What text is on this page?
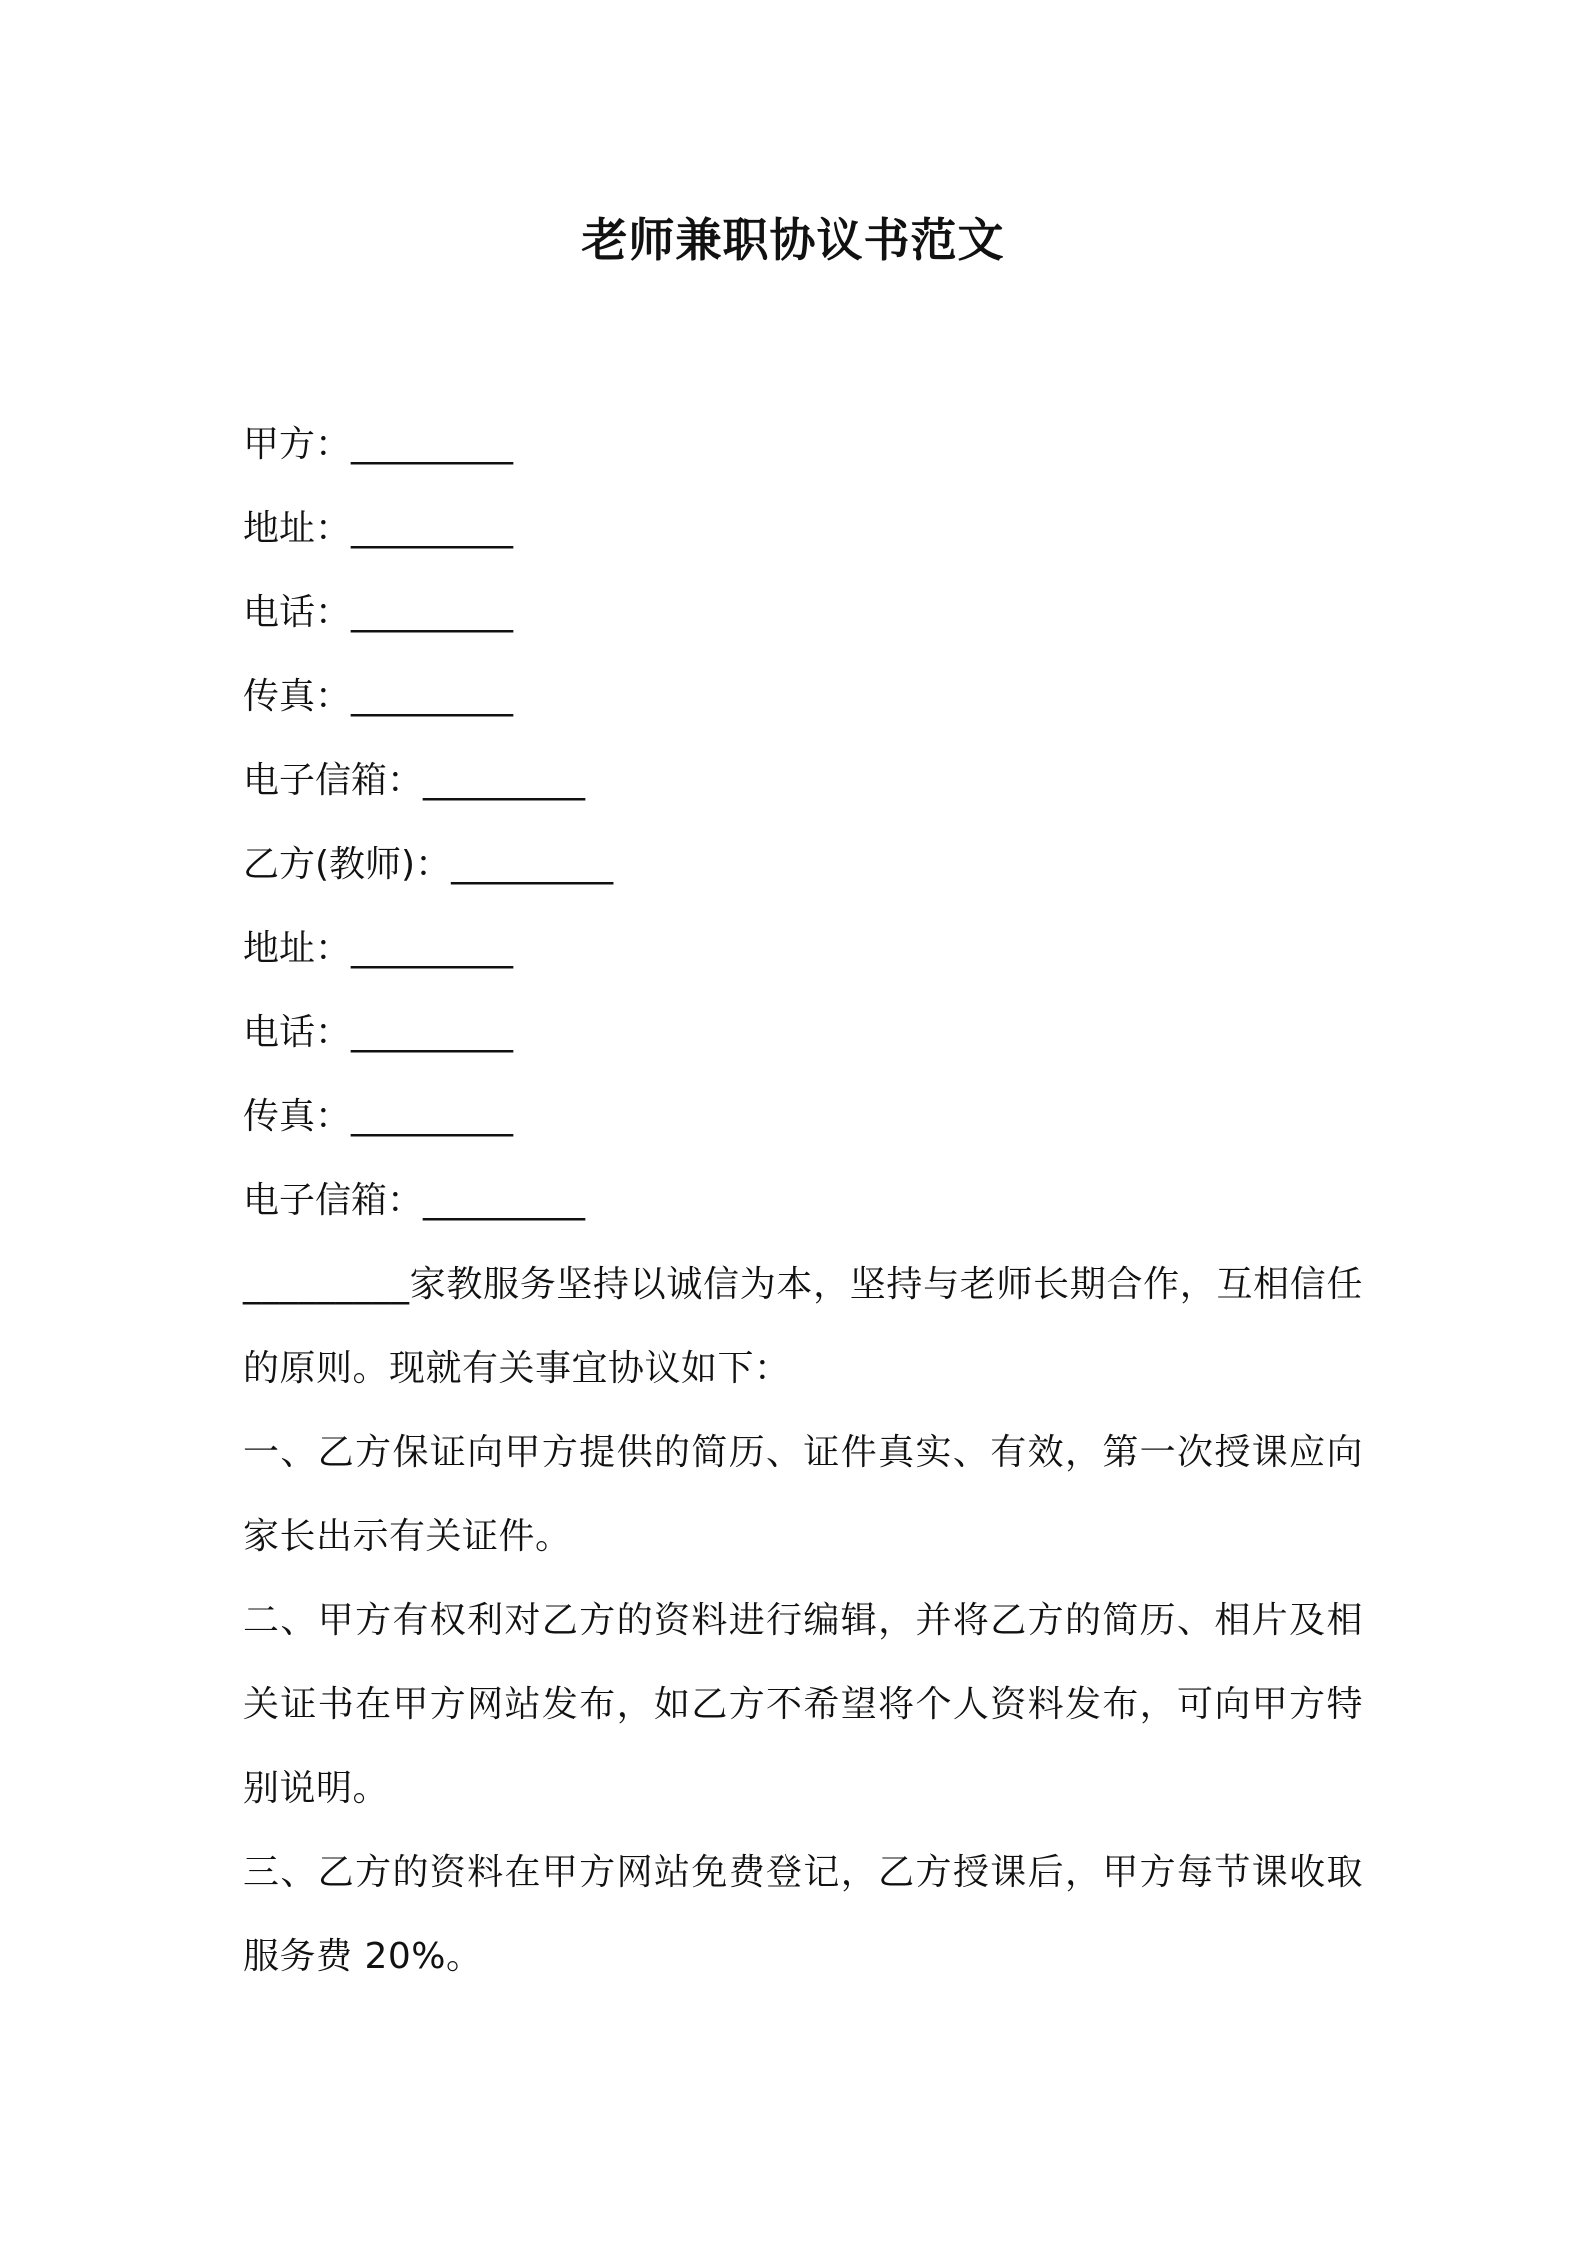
老师兼职协议书范文
甲方：_________
地址：_________
电话：_________
传真：_________
电子信箱：_________
乙方(教师)：_________
地址：_________
电话：_________
传真：_________
电子信箱：_________

_________家教服务坚持以诚信为本，坚持与老师长期合作，互相信任的原则。现就有关事宜协议如下：

一、乙方保证向甲方提供的简历、证件真实、有效，第一次授课应向家长出示有关证件。

二、甲方有权利对乙方的资料进行编辑，并将乙方的简历、相片及相关证书在甲方网站发布，如乙方不希望将个人资料发布，可向甲方特别说明。

三、乙方的资料在甲方网站免费登记，乙方授课后，甲方每节课收取服务费 20%。
